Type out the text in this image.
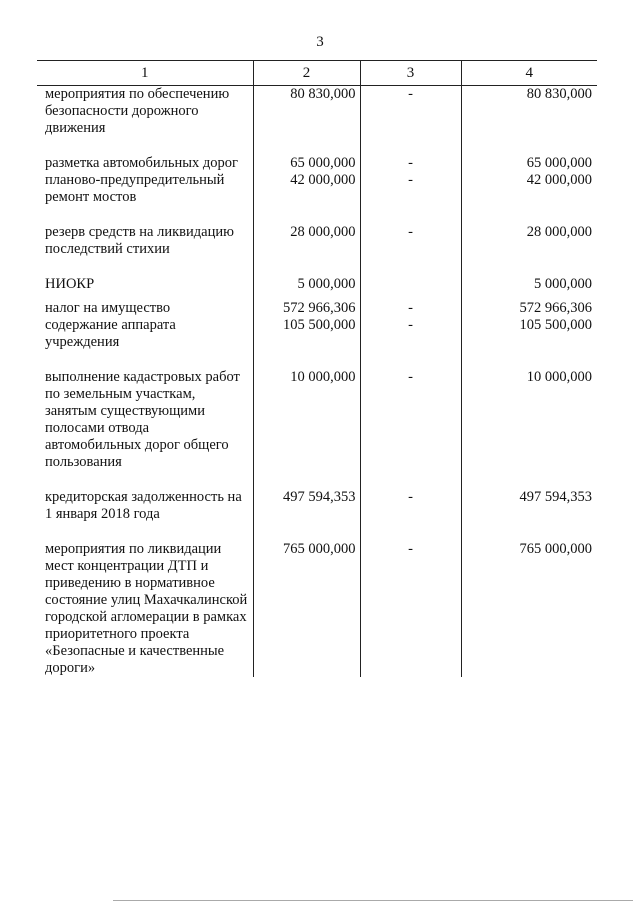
3
1	2	3	4
мероприятия по обеспечению безопасности дорожного движения	80 830,000	-	80 830,000

разметка автомобильных дорог	65 000,000	-	65 000,000
планово-предупредительный ремонт мостов	42 000,000	-	42 000,000

резерв средств на ликвидацию последствий стихии	28 000,000	-	28 000,000

НИОКР	5 000,000		5 000,000

налог на имущество	572 966,306	-	572 966,306
содержание аппарата учреждения	105 500,000	-	105 500,000

выполнение кадастровых работ по земельным участкам, занятым существующими полосами отвода автомобильных дорог общего пользования	10 000,000	-	10 000,000

кредиторская задолженность на 1 января 2018 года	497 594,353	-	497 594,353

мероприятия по ликвидации мест концентрации ДТП и приведению в нормативное состояние улиц Махачкалинской городской агломерации в рамках приоритетного проекта «Безопасные и качественные дороги»	765 000,000	-	765 000,000
